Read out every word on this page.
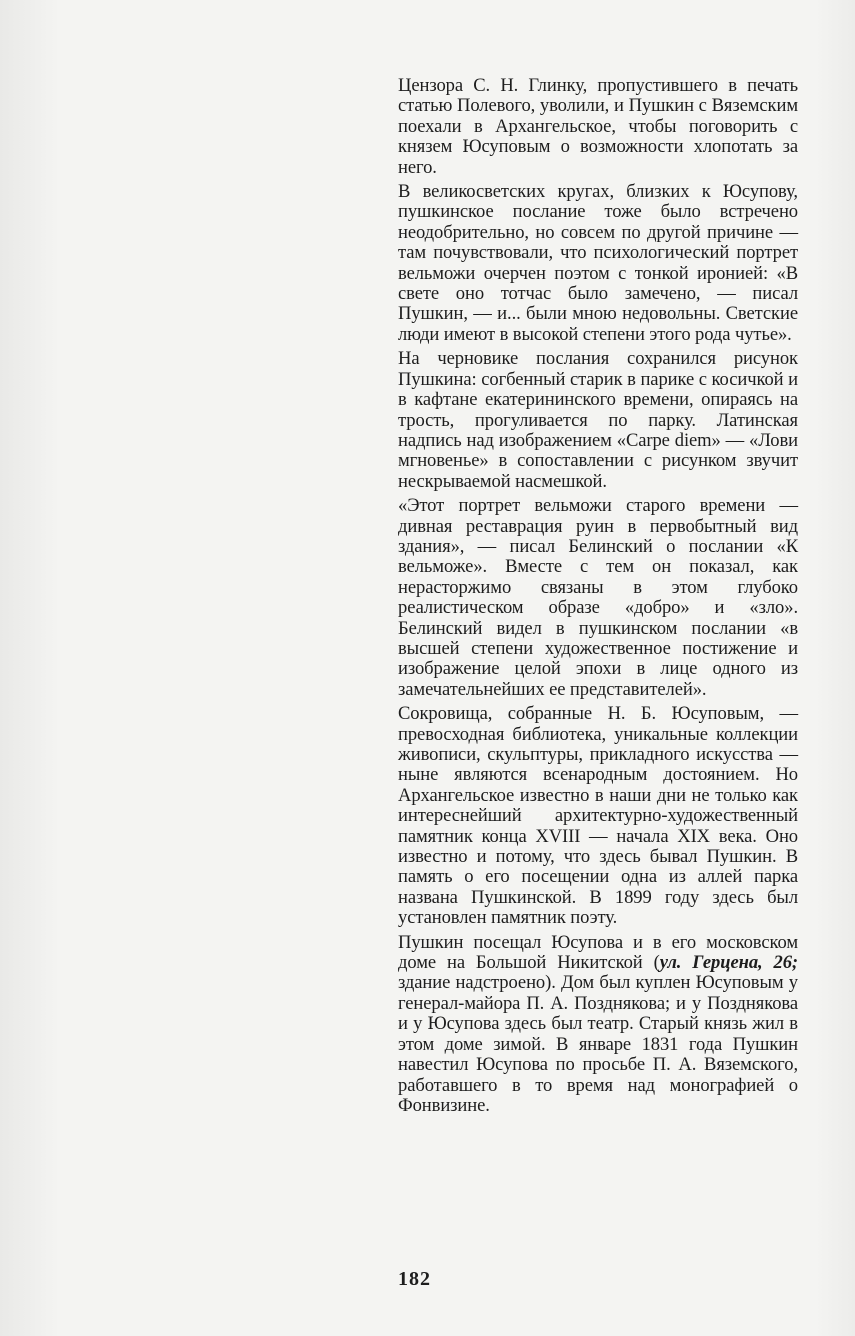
Цензора С. Н. Глинку, пропустившего в печать статью Полевого, уволили, и Пушкин с Вяземским поехали в Архангельское, чтобы поговорить с князем Юсуповым о возможности хлопотать за него.

В великосветских кругах, близких к Юсупову, пушкинское послание тоже было встречено неодобрительно, но совсем по другой причине — там почувствовали, что психологический портрет вельможи очерчен поэтом с тонкой иронией: «В свете оно тотчас было замечено, — писал Пушкин, — и... были мною недовольны. Светские люди имеют в высокой степени этого рода чутье».

На черновике послания сохранился рисунок Пушкина: согбенный старик в парике с косичкой и в кафтане екатерининского времени, опираясь на трость, прогуливается по парку. Латинская надпись над изображением «Carpe diem» — «Лови мгновенье» в сопоставлении с рисунком звучит нескрываемой насмешкой.

«Этот портрет вельможи старого времени — дивная реставрация руин в первобытный вид здания», — писал Белинский о послании «К вельможе». Вместе с тем он показал, как нерасторжимо связаны в этом глубоко реалистическом образе «добро» и «зло». Белинский видел в пушкинском послании «в высшей степени художественное постижение и изображение целой эпохи в лице одного из замечательнейших ее представителей».

Сокровища, собранные Н. Б. Юсуповым, — превосходная библиотека, уникальные коллекции живописи, скульптуры, прикладного искусства — ныне являются всенародным достоянием. Но Архангельское известно в наши дни не только как интереснейший архитектурно-художественный памятник конца XVIII — начала XIX века. Оно известно и потому, что здесь бывал Пушкин. В память о его посещении одна из аллей парка названа Пушкинской. В 1899 году здесь был установлен памятник поэту.

Пушкин посещал Юсупова и в его московском доме на Большой Никитской (ул. Герцена, 26; здание надстроено). Дом был куплен Юсуповым у генерал-майора П. А. Позднякова; и у Позднякова и у Юсупова здесь был театр. Старый князь жил в этом доме зимой. В январе 1831 года Пушкин навестил Юсупова по просьбе П. А. Вяземского, работавшего в то время над монографией о Фонвизине.

182
